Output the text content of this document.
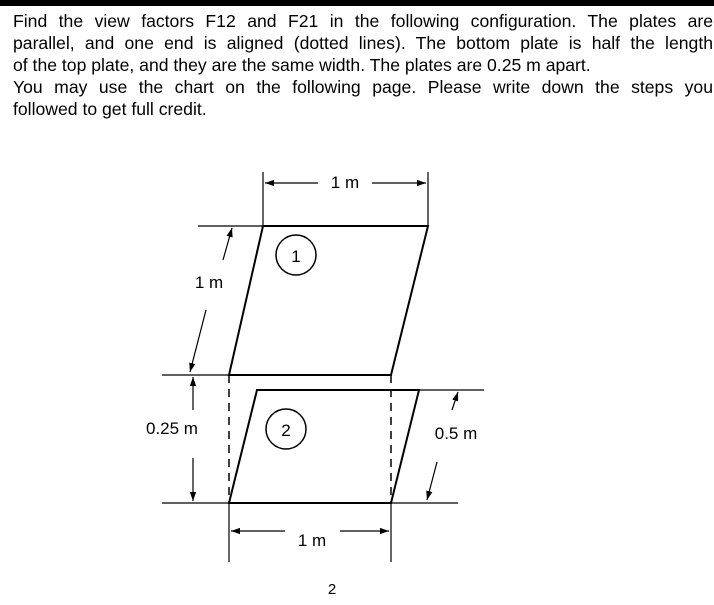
Find the view factors F12 and F21 in the following configuration. The plates are

parallel, and one end is aligned (dotted lines). The bottom plate is half the length

of the top plate, and they are the same width. The plates are 0.25 m apart.

You may use the chart on the following page. Please write down the steps you

followed to get full credit.

1
2
1 m
1 m
0.25 m	0.5 m
1 m
2
